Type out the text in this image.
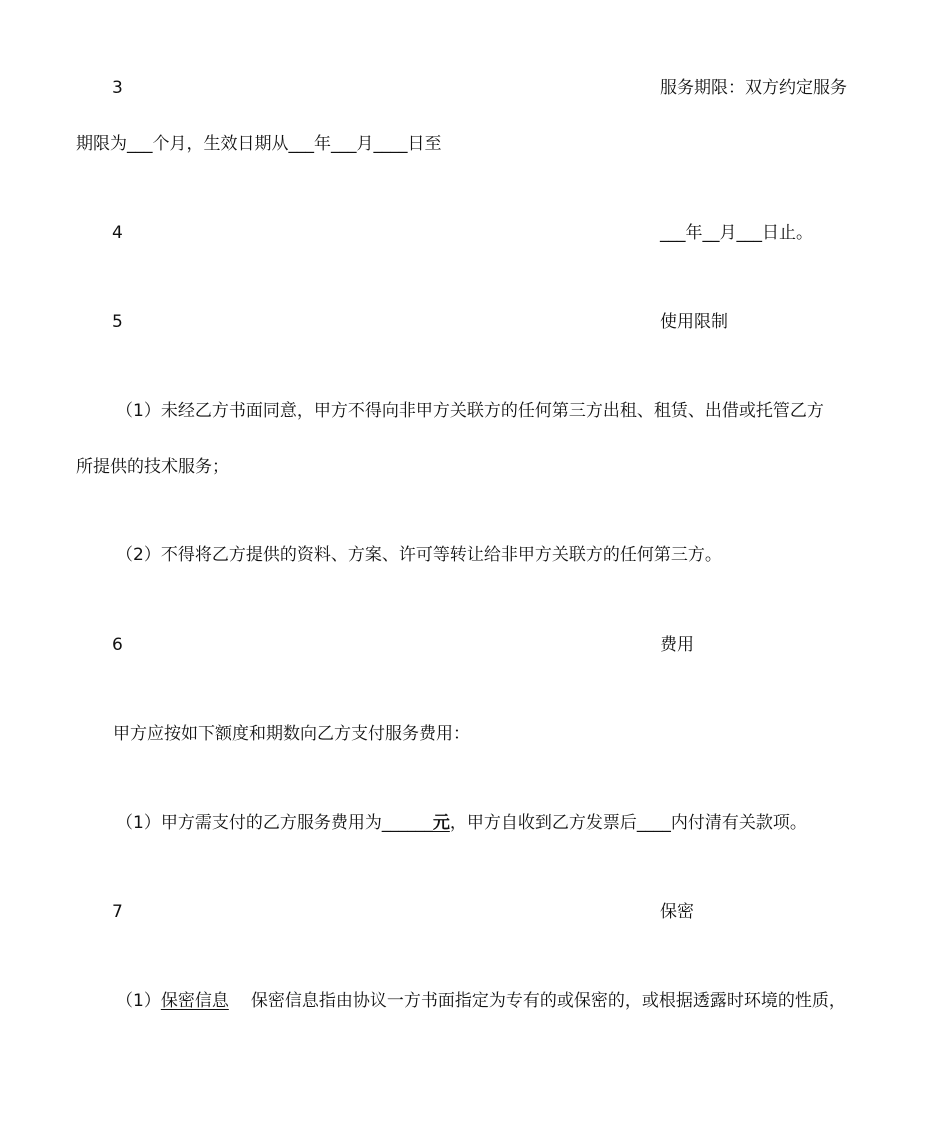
3	服务期限：双方约定服务
期限为___个月，生效日期从___年___月____日至
4	___年__月___日止。
5	使用限制
（1）未经乙方书面同意，甲方不得向非甲方关联方的任何第三方出租、租赁、出借或托管乙方
所提供的技术服务；
（2）不得将乙方提供的资料、方案、许可等转让给非甲方关联方的任何第三方。
6	费用
甲方应按如下额度和期数向乙方支付服务费用：
（1）甲方需支付的乙方服务费用为______元，甲方自收到乙方发票后____内付清有关款项。
7	保密
（1）保密信息 保密信息指由协议一方书面指定为专有的或保密的，或根据透露时环境的性质，
